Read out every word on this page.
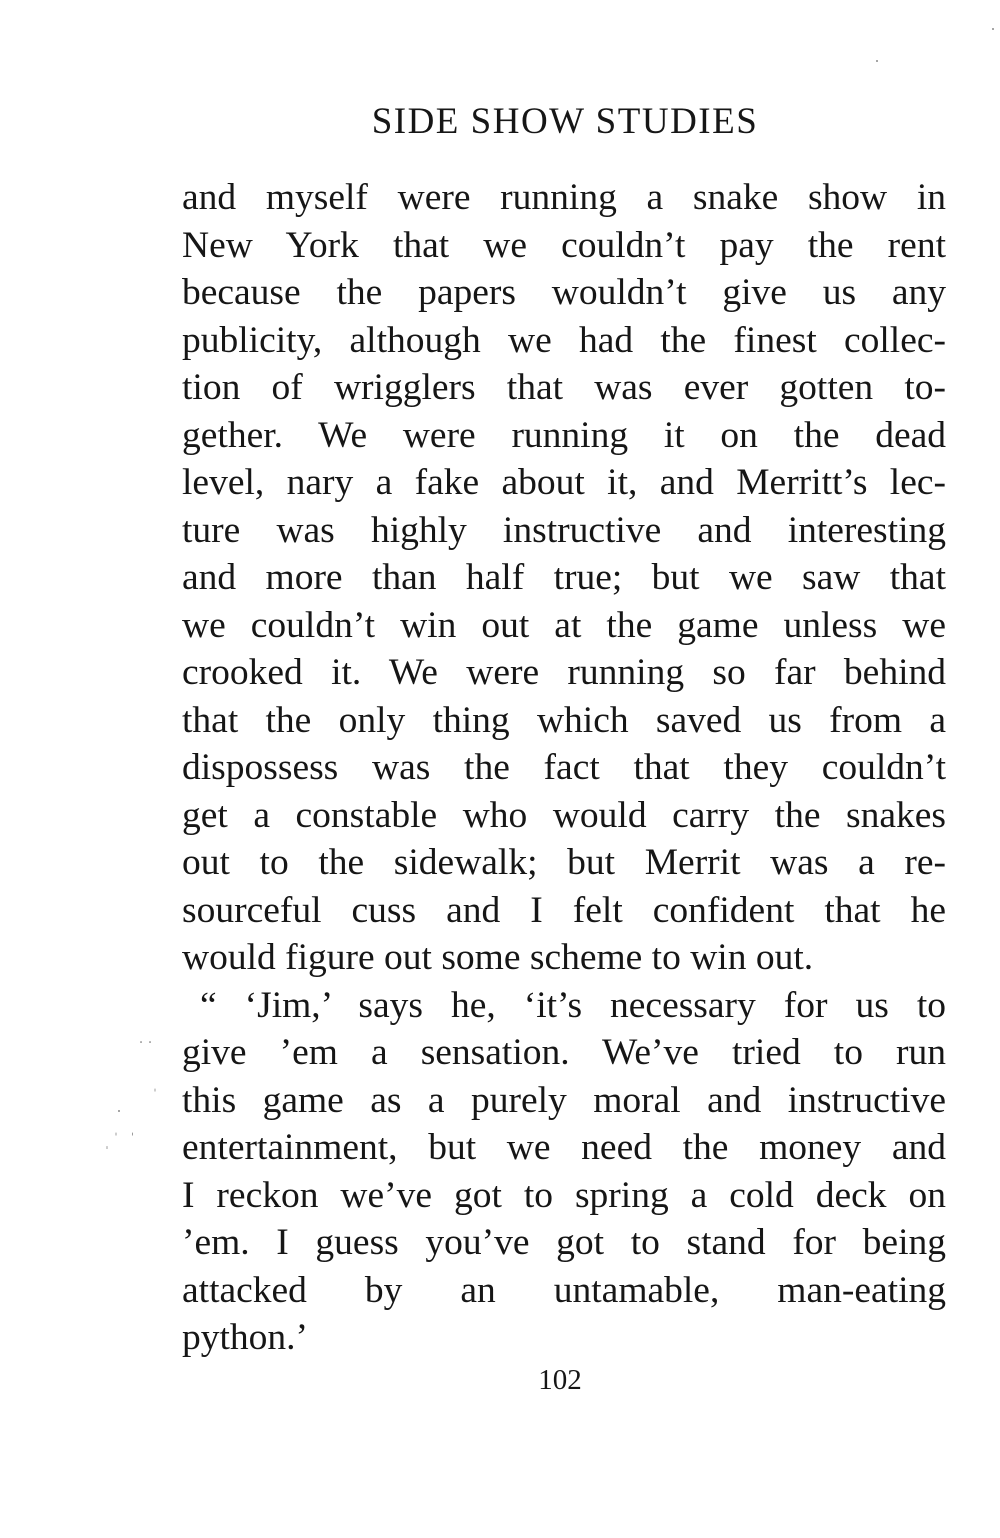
SIDE SHOW STUDIES
and myself were running a snake show in
New York that we couldn’t pay the rent
because the papers wouldn’t give us any
publicity, although we had the finest collec-
tion of wrigglers that was ever gotten to-
gether. We were running it on the dead
level, nary a fake about it, and Merritt’s lec-
ture was highly instructive and interesting
and more than half true; but we saw that
we couldn’t win out at the game unless we
crooked it. We were running so far behind
that the only thing which saved us from a
dispossess was the fact that they couldn’t
get a constable who would carry the snakes
out to the sidewalk; but Merrit was a re-
sourceful cuss and I felt confident that he
would figure out some scheme to win out.
“ ‘Jim,’ says he, ‘it’s necessary for us to
give ’em a sensation. We’ve tried to run
this game as a purely moral and instructive
entertainment, but we need the money and
I reckon we’ve got to spring a cold deck on
’em. I guess you’ve got to stand for being
attacked by an untamable, man-eating
python.’
102
˙˙
ˈ
ˌˈ ˈ
